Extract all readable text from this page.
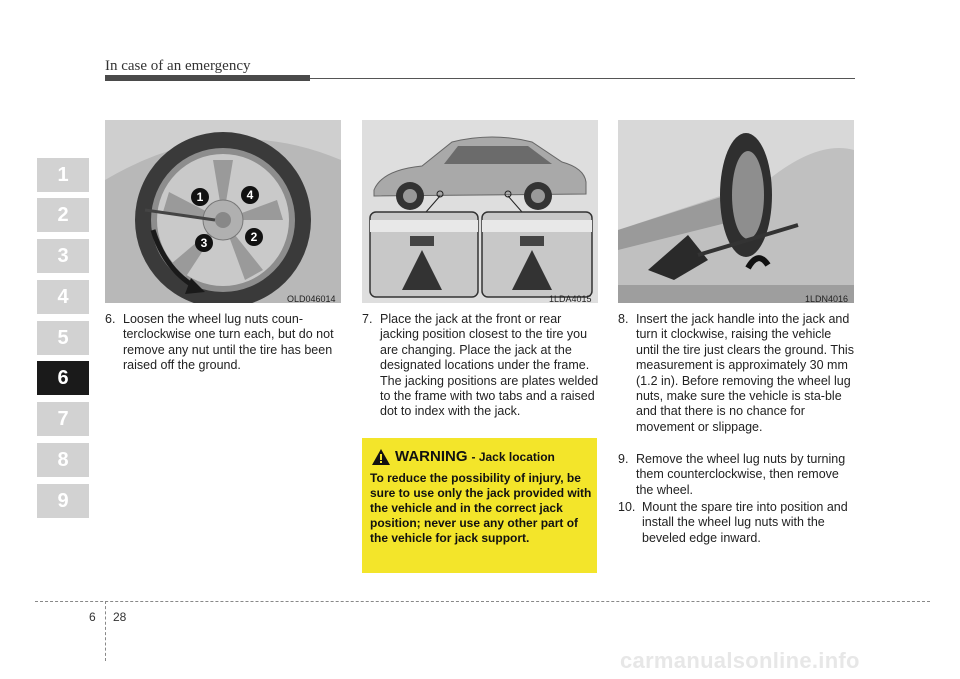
In case of an emergency
1
2
3
4
5
6
7
8
9
1	4
3	2
OLD046014	1LDA4015	1LDN4016
6. Loosen the wheel lug nuts coun-terclockwise one turn each, but do not remove any nut until the tire has been raised off the ground.
7. Place the jack at the front or rear jacking position closest to the tire you are changing. Place the jack at the designated locations under the frame. The jacking positions are plates welded to the frame with two tabs and a raised dot to index with the jack.
WARNING - Jack location
To reduce the possibility of injury, be sure to use only the jack provided with the vehicle and in the correct jack position; never use any other part of the vehicle for jack support.
8. Insert the jack handle into the jack and turn it clockwise, raising the vehicle until the tire just clears the ground. This measurement is approximately 30 mm (1.2 in). Before removing the wheel lug nuts, make sure the vehicle is sta-ble and that there is no chance for movement or slippage.
9. Remove the wheel lug nuts by turning them counterclockwise, then remove the wheel.
10. Mount the spare tire into position and install the wheel lug nuts with the beveled edge inward.
6 28
carmanualsonline.info
